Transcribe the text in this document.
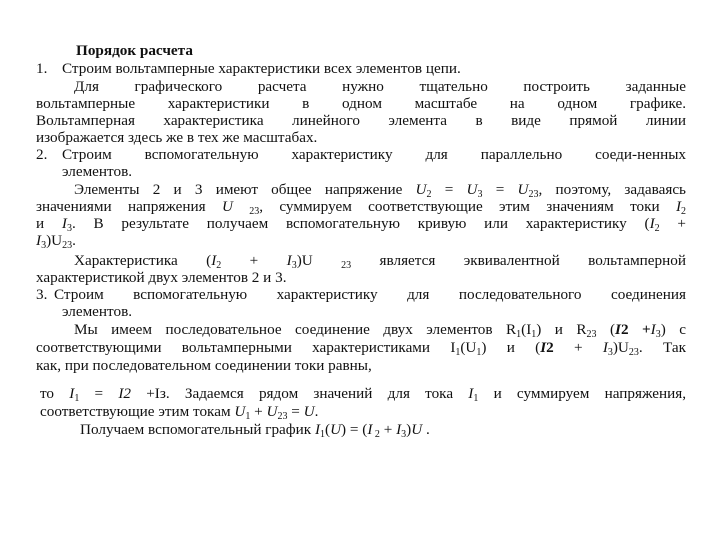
Порядок расчета
1. Строим вольтамперные характеристики всех элементов цепи.
Для графического расчета нужно тщательно построить заданные
вольтамперные характеристики в одном масштабе на одном графике.
Вольтамперная характеристика линейного элемента в виде прямой линии
изображается здесь же в тех же масштабах.
2. Строим вспомогательную характеристику для параллельно соеди-ненных
элементов.
Элементы 2 и 3 имеют общее напряжение $U_2 = U_3 = U_{23}$, поэтому, задаваясь
значениями напряжения U $_{23}$, суммируем соответствующие этим значениям токи $I_2$
и $I_3$. В результате получаем вспомогательную кривую или характеристику ($I_2$ +
$I_3)U_{23}$.
Характеристика $(I_2 + I_3)U$ $_{23}$ является эквивалентной вольтамперной
характеристикой двух элементов 2 и 3.
3. Строим вспомогательную характеристику для последовательного соединения
элементов.
Мы имеем последовательное соединение двух элементов $R_1(I_1)$ и $R_{23}$ $(I2 +I_3)$ с
соответствующими вольтамперными характеристиками $I_1(U_1)$ и $(I2 + I_3)U_{23}$. Так
как, при последовательном соединении токи равны,
то $I_1 = I2 +Iз$. Задаемся рядом значений для тока $I_1$ и суммируем напряжения,
соответствующие этим токам $U_1 + U_{23} = U$.
Получаем вспомогательный график $I_1(U) = (I$ $_2 + I_3)U$ .
